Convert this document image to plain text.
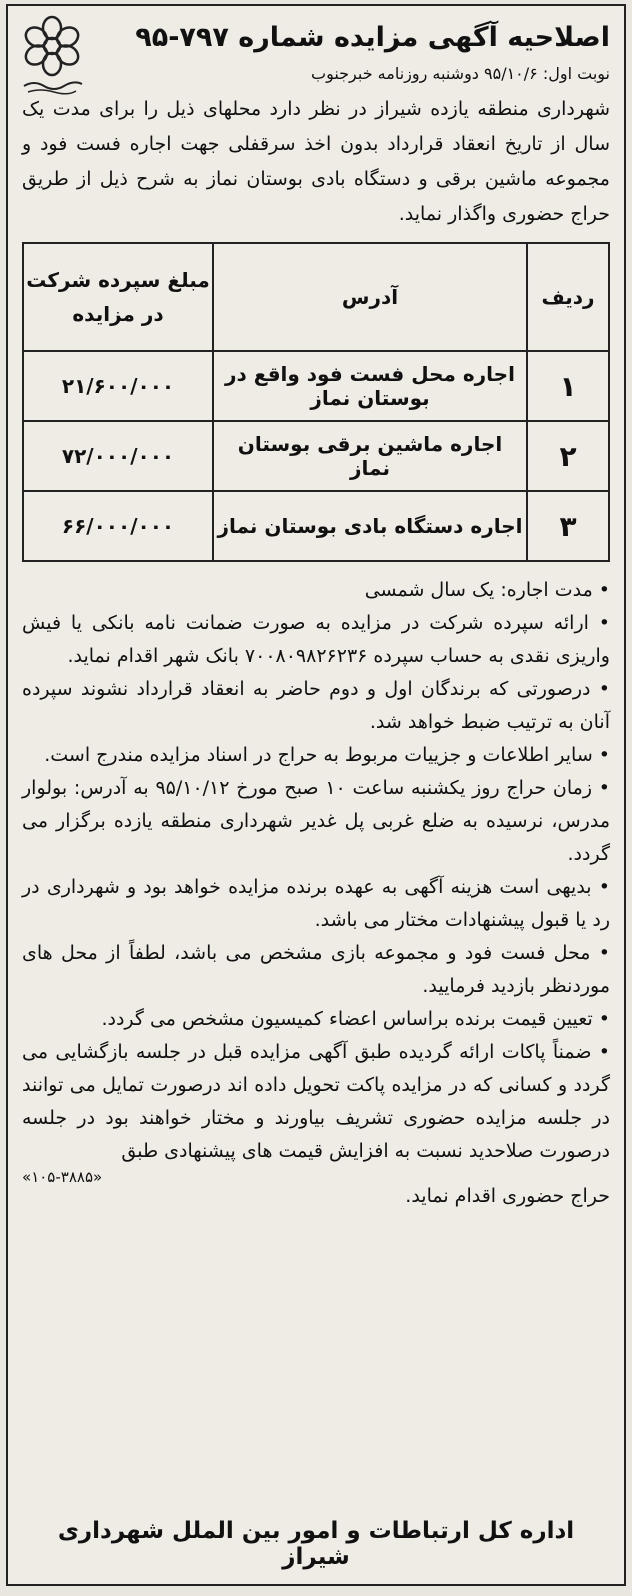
اصلاحیه آگهی مزایده شماره ۷۹۷-۹۵

نوبت اول: ۹۵/۱۰/۶ دوشنبه روزنامه خبرجنوب

شهرداری منطقه یازده شیراز در نظر دارد محلهای ذیل را برای مدت یک سال از تاریخ انعقاد قرارداد بدون اخذ سرقفلی جهت اجاره فست فود و مجموعه ماشین برقی و دستگاه بادی بوستان نماز به شرح ذیل از طریق حراج حضوری واگذار نماید.

ردیف	آدرس	مبلغ سپرده شرکت در مزایده
۱	اجاره محل فست فود واقع در بوستان نماز	۲۱/۶۰۰/۰۰۰
۲	اجاره ماشین برقی بوستان نماز	۷۲/۰۰۰/۰۰۰
۳	اجاره دستگاه بادی بوستان نماز	۶۶/۰۰۰/۰۰۰
• مدت اجاره: یک سال شمسی
• ارائه سپرده شرکت در مزایده به صورت ضمانت نامه بانکی یا فیش واریزی نقدی به حساب سپرده ۷۰۰۸۰۹۸۲۶۲۳۶ بانک شهر اقدام نماید.
• درصورتی که برندگان اول و دوم حاضر به انعقاد قرارداد نشوند سپرده آنان به ترتیب ضبط خواهد شد.
• سایر اطلاعات و جزییات مربوط به حراج در اسناد مزایده مندرج است.
• زمان حراج روز یکشنبه ساعت ۱۰ صبح مورخ ۹۵/۱۰/۱۲ به آدرس: بولوار مدرس، نرسیده به ضلع غربی پل غدیر شهرداری منطقه یازده برگزار می گردد.
• بدیهی است هزینه آگهی به عهده برنده مزایده خواهد بود و شهرداری در رد یا قبول پیشنهادات مختار می باشد.
• محل فست فود و مجموعه بازی مشخص می باشد، لطفاً از محل های موردنظر بازدید فرمایید.
• تعیین قیمت برنده براساس اعضاء کمیسیون مشخص می گردد.
• ضمناً پاکات ارائه گردیده طبق آگهی مزایده قبل در جلسه بازگشایی می گردد و کسانی که در مزایده پاکت تحویل داده اند درصورت تمایل می توانند در جلسه مزایده حضوری تشریف بیاورند و مختار خواهند بود در جلسه درصورت صلاحدید نسبت به افزایش قیمت های پیشنهادی طبق
«۱۰۵-۳۸۸۵»
حراج حضوری اقدام نماید.
اداره کل ارتباطات و امور بین الملل شهرداری شیراز
